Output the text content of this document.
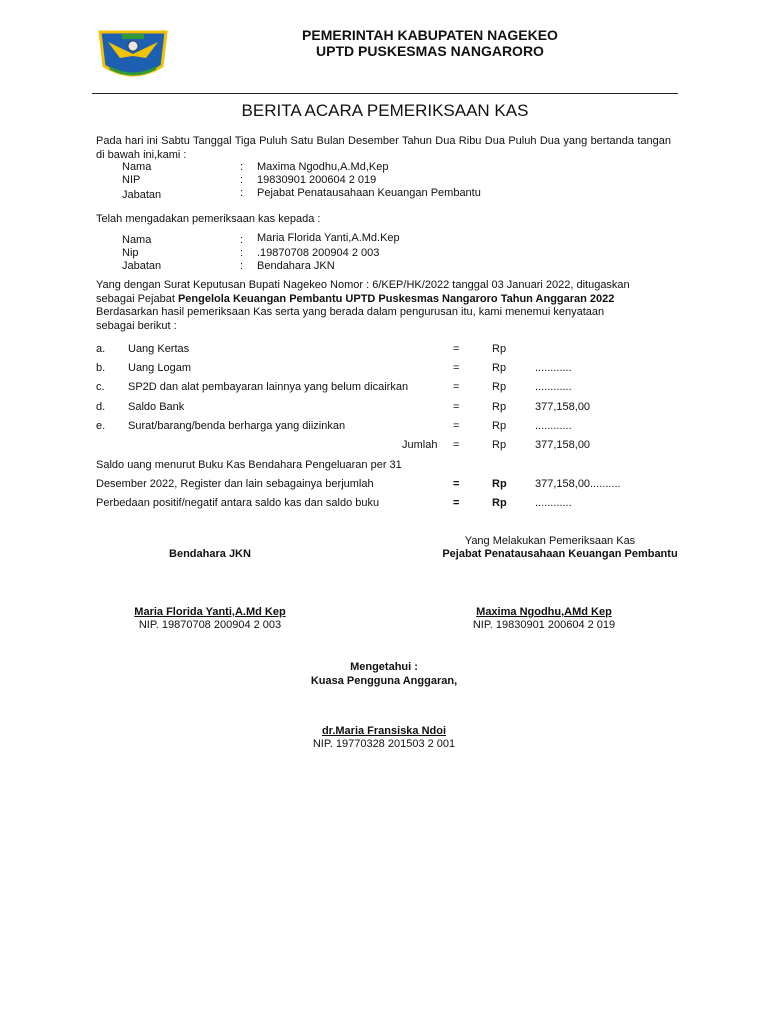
PEMERINTAH KABUPATEN NAGEKEO
UPTD PUSKESMAS NANGARORO
BERITA ACARA PEMERIKSAAN KAS
Pada hari ini Sabtu Tanggal Tiga Puluh Satu Bulan Desember Tahun Dua Ribu Dua Puluh Dua yang bertanda tangan di bawah ini,kami :
Nama	: Maxima Ngodhu,A.Md,Kep
NIP	: 19830901 200604 2 019
Jabatan	: Pejabat Penatausahaan Keuangan Pembantu
Telah mengadakan pemeriksaan kas kepada :
Nama	: Maria Florida Yanti,A.Md.Kep
Nip	: .19870708 200904 2 003
Jabatan	: Bendahara JKN
Yang dengan Surat Keputusan Bupati Nagekeo Nomor : 6/KEP/HK/2022 tanggal 03 Januari 2022, ditugaskan
sebagai Pejabat Pengelola Keuangan Pembantu UPTD Puskesmas Nangaroro Tahun Anggaran 2022
Berdasarkan hasil pemeriksaan Kas serta yang berada dalam pengurusan itu, kami menemui kenyataan
sebagai berikut :
a. Uang Kertas	=	Rp
b. Uang Logam	=	Rp	............
c. SP2D dan alat pembayaran lainnya yang belum dicairkan	=	Rp	............
d. Saldo Bank	=	Rp	377,158,00
e. Surat/barang/benda berharga yang diizinkan	=	Rp	............
Jumlah =	Rp	377,158,00
Saldo uang menurut Buku Kas Bendahara Pengeluaran per 31
Desember 2022, Register dan lain sebagainya berjumlah	=	Rp	377,158,00..........
Perbedaan positif/negatif antara saldo kas dan saldo buku	=	Rp	............
Yang Melakukan Pemeriksaan Kas
Bendahara JKN	Pejabat Penatausahaan Keuangan Pembantu
Maria Florida Yanti,A.Md Kep
NIP. 19870708 200904 2 003
Maxima Ngodhu,AMd Kep
NIP. 19830901 200604 2 019
Mengetahui :
Kuasa Pengguna Anggaran,
dr.Maria Fransiska Ndoi
NIP. 19770328 201503 2 001
